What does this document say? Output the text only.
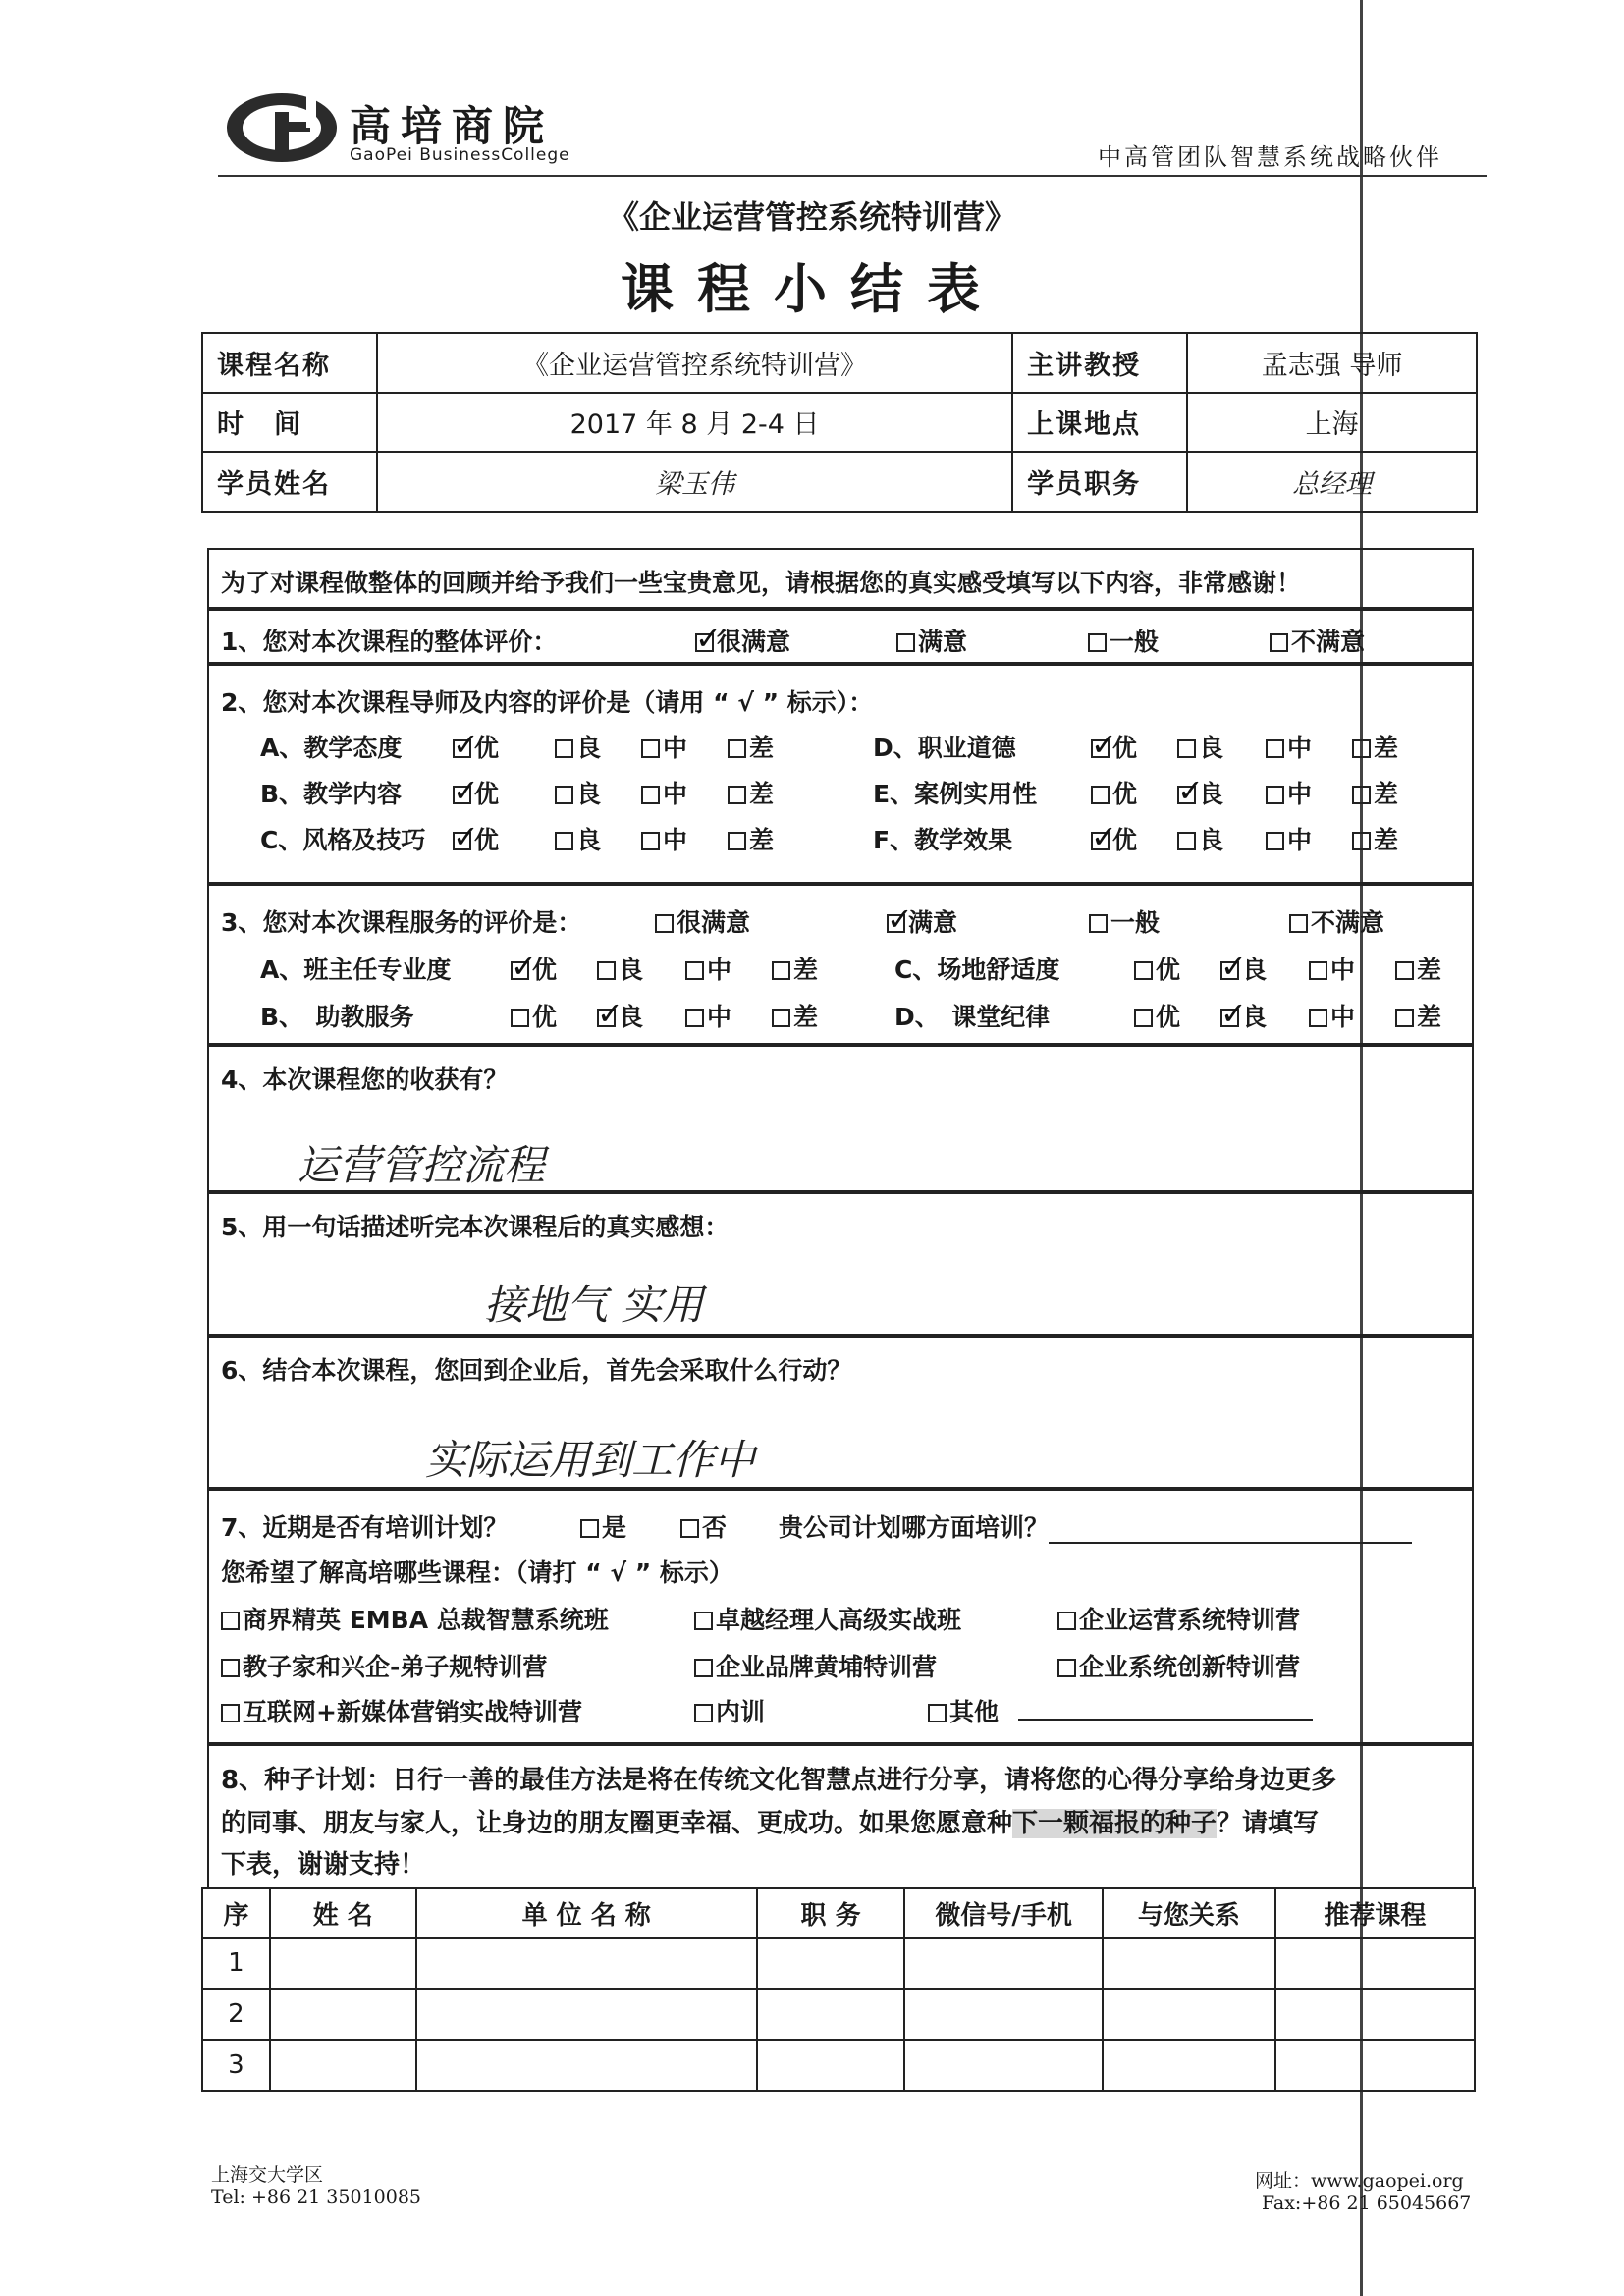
高培商院
GaoPei BusinessCollege	中高管团队智慧系统战略伙伴
《企业运营管控系统特训营》
课程小结表
课程名称	《企业运营管控系统特训营》	主讲教授	孟志强 导师
时　间	2017 年 8 月 2-4 日	上课地点	上海
学员姓名	梁玉伟	学员职务	总经理
为了对课程做整体的回顾并给予我们一些宝贵意见，请根据您的真实感受填写以下内容，非常感谢！
1、您对本次课程的整体评价： ✓	很满意	满意	一般	不满意
2、您对本次课程导师及内容的评价是（请用 “ √ ” 标示）：
A、教学态度 ✓	优	良	中	差
B、教学内容 ✓	优	良	中	差
C、风格及技巧 ✓	优	良	中	差
D、职业道德 ✓	优	良	中	差
E、案例实用性	优 ✓	良	中	差
F、教学效果 ✓	优	良	中	差
3、您对本次课程服务的评价是：	很满意 ✓	满意	一般	不满意
A、班主任专业度 ✓	优	良	中	差
B、　助教服务	优 ✓	良	中	差
C、场地舒适度	优 ✓	良	中	差
D、　课堂纪律	优 ✓	良	中	差
4、本次课程您的收获有？
运营管控流程
5、用一句话描述听完本次课程后的真实感想：
接地气 实用
6、结合本次课程，您回到企业后，首先会采取什么行动？
实际运用到工作中
7、近期是否有培训计划？	是	否 贵公司计划哪方面培训？
您希望了解高培哪些课程：（请打 “ √ ” 标示）
商界精英 EMBA 总裁智慧系统班	卓越经理人高级实战班	企业运营系统特训营
教子家和兴企-弟子规特训营	企业品牌黄埔特训营	企业系统创新特训营
互联网+新媒体营销实战特训营	内训	其他
8、种子计划：日行一善的最佳方法是将在传统文化智慧点进行分享，请将您的心得分享给身边更多
的同事、朋友与家人，让身边的朋友圈更幸福、更成功。如果您愿意种下一颗福报的种子？请填写
下表，谢谢支持！
序	姓 名	单 位 名 称	职 务	微信号/手机	与您关系	推荐课程
1						
2						
3						
上海交大学区
Tel: +86 21 35010085
网址：www.gaopei.org
Fax:+86 21 65045667
